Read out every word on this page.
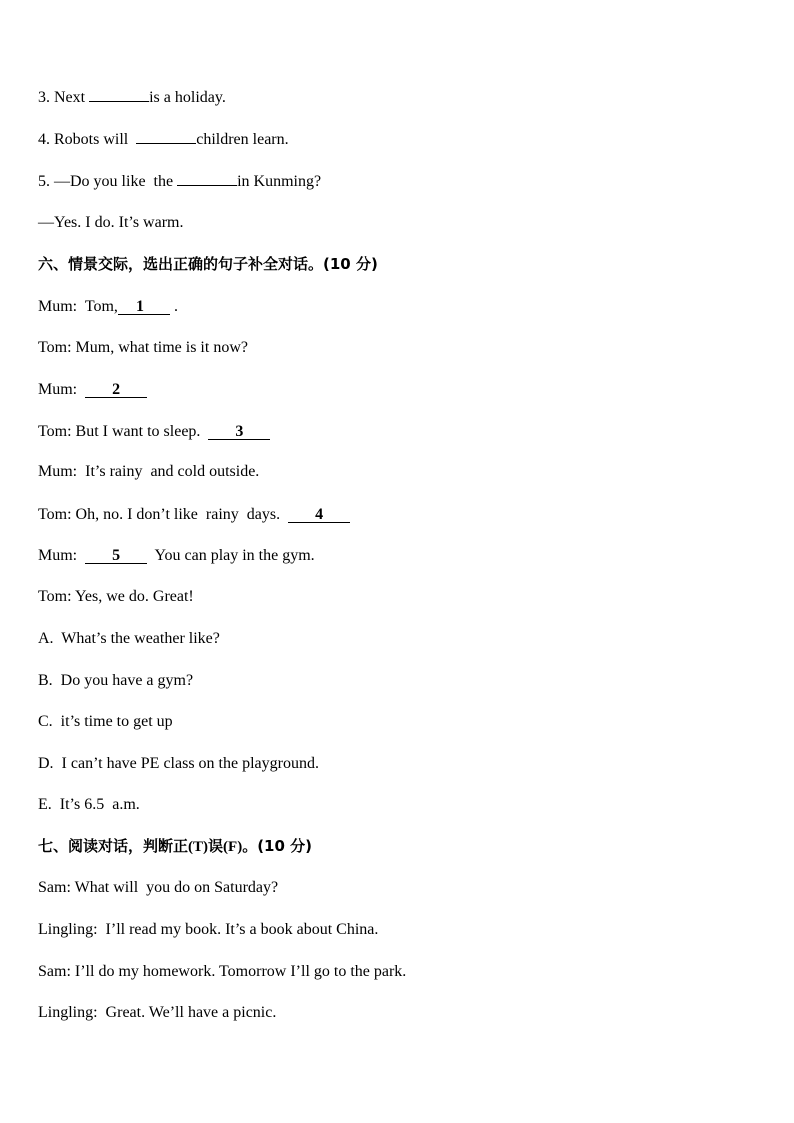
3. Next	is a holiday.
4. Robots will	children learn.
5. —Do you like  the	in Kunming?
—Yes. I do. It’s warm.
六、情景交际，选出正确的句子补全对话。(10 分)
Mum:  Tom, 1 .
Tom: Mum, what time is it now?
Mum:  2
Tom: But I want to sleep.  3
Mum:  It’s rainy  and cold outside.
Tom: Oh, no. I don’t like  rainy  days.  4
Mum:  5  You can play in the gym.
Tom: Yes, we do. Great!
A.  What’s the weather like?
B.  Do you have a gym?
C.  it’s time to get up
D.  I can’t have PE class on the playground.
E.  It’s 6.5  a.m.
七、阅读对话，判断正(T)误(F)。(10 分)
Sam: What will  you do on Saturday?
Lingling:  I’ll read my book. It’s a book about China.
Sam: I’ll do my homework. Tomorrow I’ll go to the park.
Lingling:  Great. We’ll have a picnic.
